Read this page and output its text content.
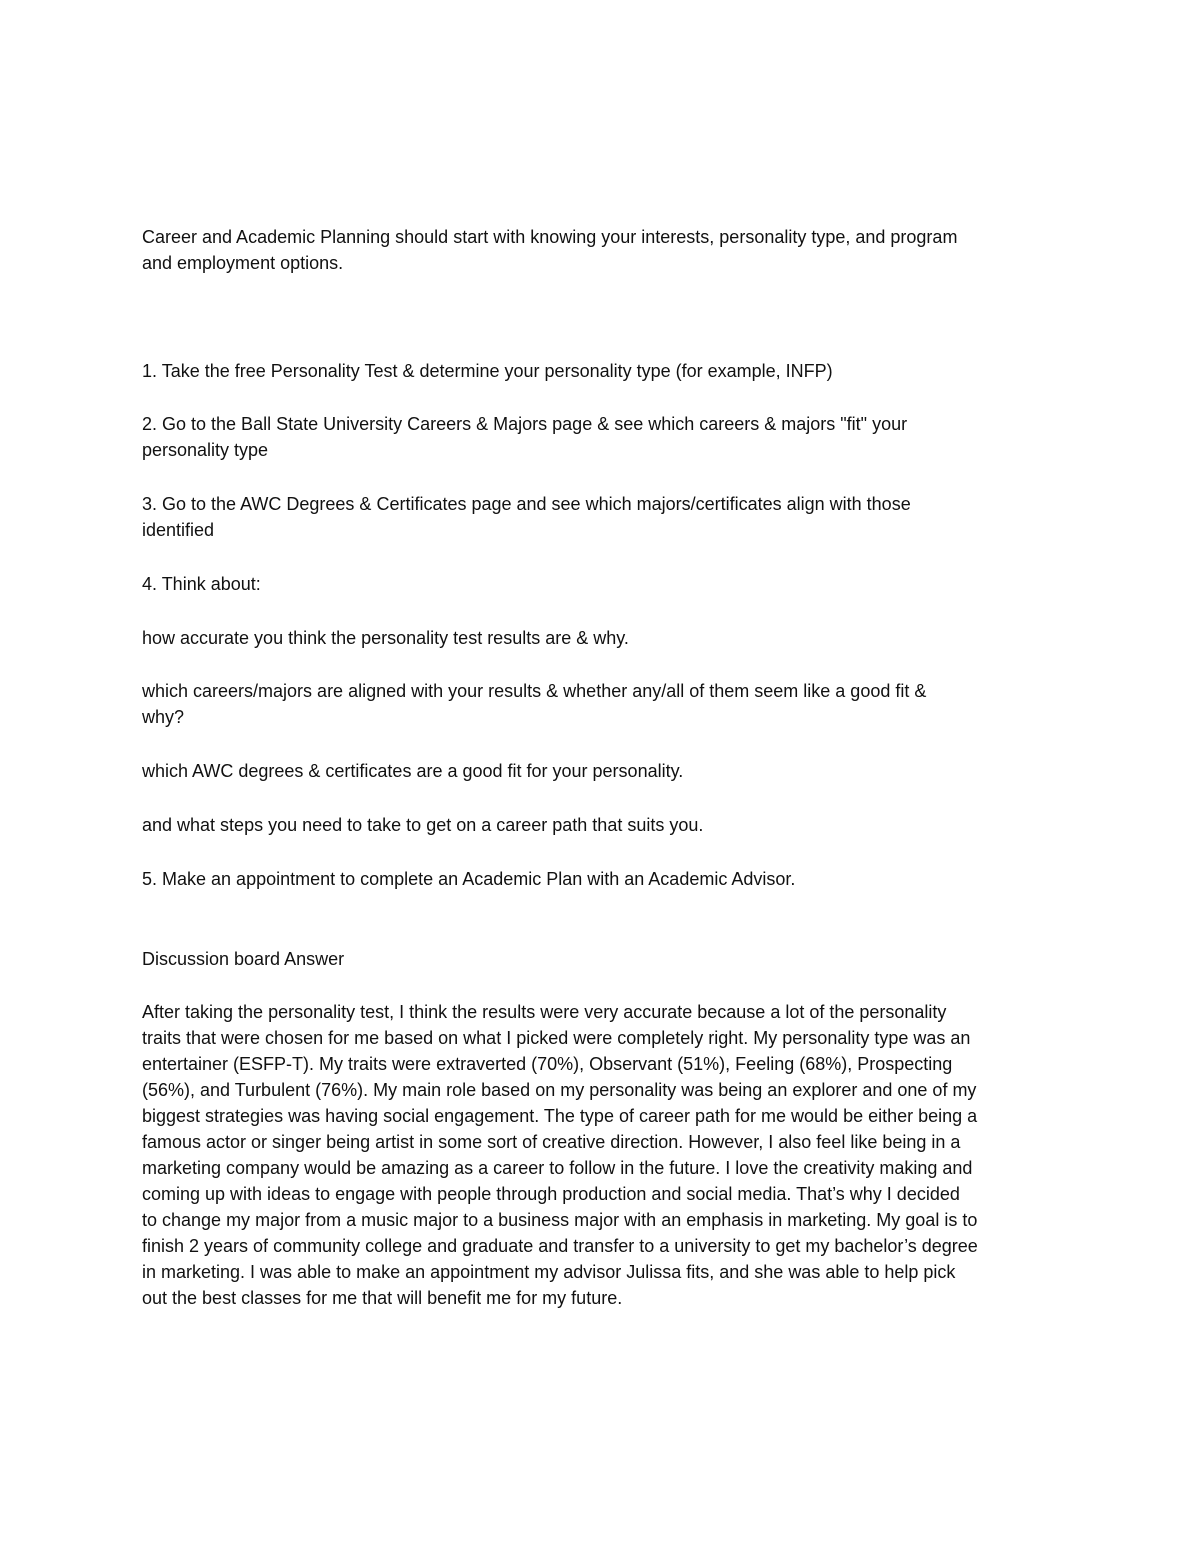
Career and Academic Planning should start with knowing your interests, personality type, and program

and employment options.

1. Take the free Personality Test & determine your personality type (for example, INFP)

2. Go to the Ball State University Careers & Majors page & see which careers & majors "fit" your

personality type

3. Go to the AWC Degrees & Certificates page and see which majors/certificates align with those

identified

4. Think about:

how accurate you think the personality test results are & why.

which careers/majors are aligned with your results & whether any/all of them seem like a good fit &

why?

which AWC degrees & certificates are a good fit for your personality.

and what steps you need to take to get on a career path that suits you.

5. Make an appointment to complete an Academic Plan with an Academic Advisor.

Discussion board Answer

After taking the personality test, I think the results were very accurate because a lot of the personality

traits that were chosen for me based on what I picked were completely right. My personality type was an

entertainer (ESFP-T). My traits were extraverted (70%), Observant (51%), Feeling (68%), Prospecting

(56%), and Turbulent (76%). My main role based on my personality was being an explorer and one of my

biggest strategies was having social engagement. The type of career path for me would be either being a

famous actor or singer being artist in some sort of creative direction. However, I also feel like being in a

marketing company would be amazing as a career to follow in the future. I love the creativity making and

coming up with ideas to engage with people through production and social media. That’s why I decided

to change my major from a music major to a business major with an emphasis in marketing. My goal is to

finish 2 years of community college and graduate and transfer to a university to get my bachelor’s degree

in marketing. I was able to make an appointment my advisor Julissa fits, and she was able to help pick

out the best classes for me that will benefit me for my future.
